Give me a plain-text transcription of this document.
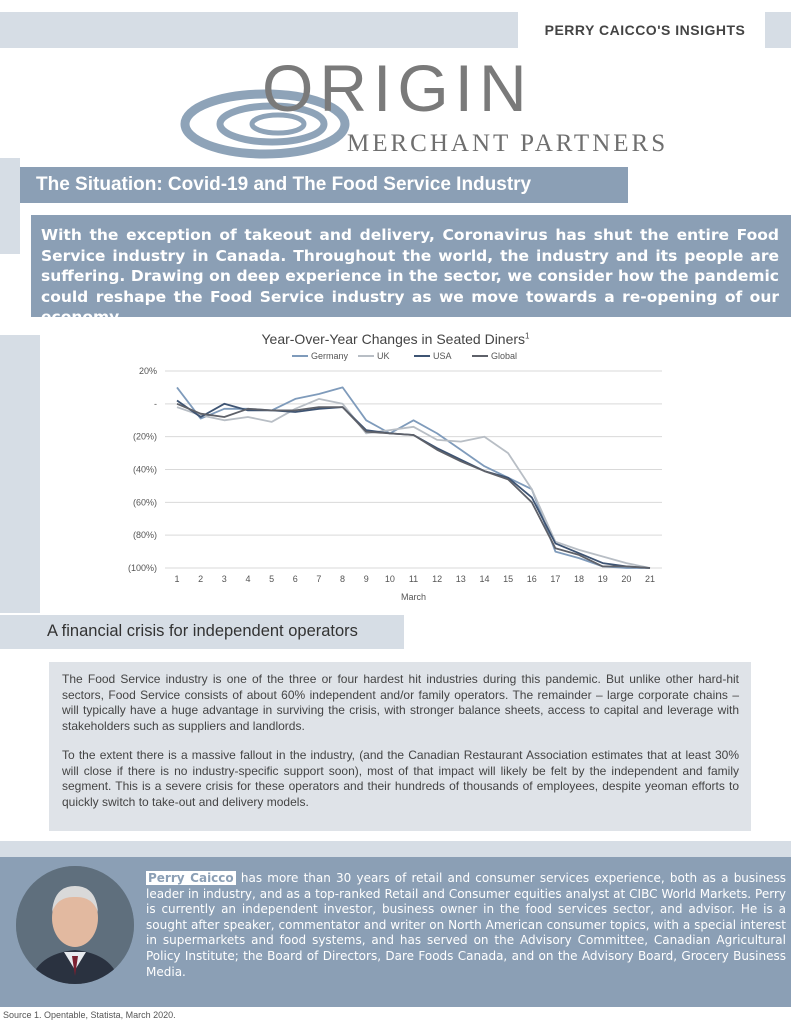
PERRY CAICCO'S INSIGHTS
ORIGIN
MERCHANT PARTNERS
The Situation: Covid-19 and The Food Service Industry
With the exception of takeout and delivery, Coronavirus has shut the entire Food Service industry in Canada. Throughout the world, the industry and its people are suffering. Drawing on deep experience in the sector, we consider how the pandemic could reshape the Food Service industry as we move towards a re-opening of our economy.
Year-Over-Year Changes in Seated Diners$^1$
20%
-
(20%)
(40%)
(60%)
(80%)
(100%)
1 2 3 4 5 6 7 8 9 10 11 12 13 14 15 16 17 18 19 20 21
March
Germany	UK	USA	Global
A financial crisis for independent operators

The Food Service industry is one of the three or four hardest hit industries during this pandemic. But unlike other hard-hit sectors, Food Service consists of about 60% independent and/or family operators. The remainder – large corporate chains – will typically have a huge advantage in surviving the crisis, with stronger balance sheets, access to capital and leverage with stakeholders such as suppliers and landlords.

To the extent there is a massive fallout in the industry, (and the Canadian Restaurant Association estimates that at least 30% will close if there is no industry-specific support soon), most of that impact will likely be felt by the independent and family segment. This is a severe crisis for these operators and their hundreds of thousands of employees, despite yeoman efforts to quickly switch to take-out and delivery models.

Perry Caicco has more than 30 years of retail and consumer services experience, both as a business leader in industry, and as a top-ranked Retail and Consumer equities analyst at CIBC World Markets. Perry is currently an independent investor, business owner in the food services sector, and advisor. He is a sought after speaker, commentator and writer on North American consumer topics, with a special interest in supermarkets and food systems, and has served on the Advisory Committee, Canadian Agricultural Policy Institute; the Board of Directors, Dare Foods Canada, and on the Advisory Board, Grocery Business Media.
Source 1. Opentable, Statista, March 2020.
